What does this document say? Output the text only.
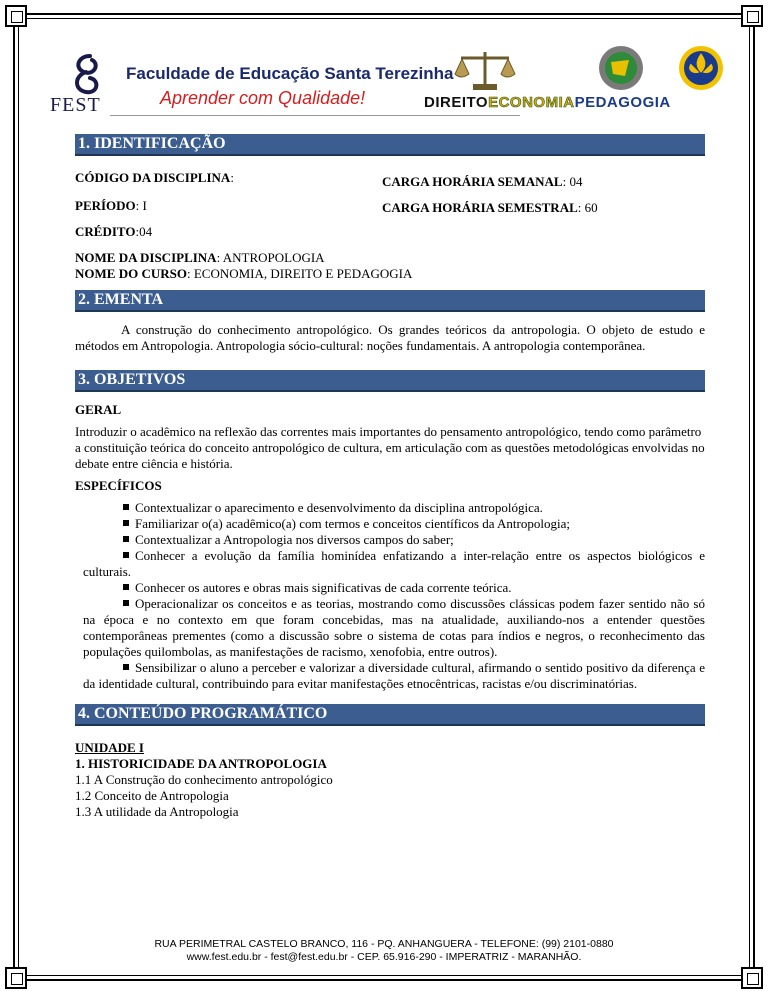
FEST
Faculdade de Educação Santa Terezinha
Aprender com Qualidade!	DIREITOECONOMIAPEDAGOGIA
1. IDENTIFICAÇÃO
CÓDIGO DA DISCIPLINA:	CARGA HORÁRIA SEMANAL: 04
PERÍODO: I	CARGA HORÁRIA SEMESTRAL: 60
CRÉDITO : 04
NOME DA DISCIPLINA: ANTROPOLOGIA
NOME DO CURSO: ECONOMIA, DIREITO E PEDAGOGIA
2. EMENTA

A construção do conhecimento antropológico. Os grandes teóricos da antropologia. O objeto de estudo e métodos em Antropologia. Antropologia sócio-cultural: noções fundamentais. A antropologia contemporânea.

3. OBJETIVOS
GERAL

Introduzir o acadêmico na reflexão das correntes mais importantes do pensamento antropológico, tendo como parâmetro a constituição teórica do conceito antropológico de cultura, em articulação com as questões metodológicas envolvidas no debate entre ciência e história.

ESPECÍFICOS
Contextualizar o aparecimento e desenvolvimento da disciplina antropológica.
Familiarizar o(a) acadêmico(a) com termos e conceitos científicos da Antropologia;
Contextualizar a Antropologia nos diversos campos do saber;
Conhecer a evolução da família hominídea enfatizando a inter-relação entre os aspectos biológicos e culturais.
Conhecer os autores e obras mais significativas de cada corrente teórica.
Operacionalizar os conceitos e as teorias, mostrando como discussões clássicas podem fazer sentido não só na época e no contexto em que foram concebidas, mas na atualidade, auxiliando-nos a entender questões contemporâneas prementes (como a discussão sobre o sistema de cotas para índios e negros, o reconhecimento das populações quilombolas, as manifestações de racismo, xenofobia, entre outros).
Sensibilizar o aluno a perceber e valorizar a diversidade cultural, afirmando o sentido positivo da diferença e da identidade cultural, contribuindo para evitar manifestações etnocêntricas, racistas e/ou discriminatórias.
4. CONTEÚDO PROGRAMÁTICO
UNIDADE I
1. HISTORICIDADE DA ANTROPOLOGIA
1.1 A Construção do conhecimento antropológico
1.2 Conceito de Antropologia
1.3 A utilidade da Antropologia
RUA PERIMETRAL CASTELO BRANCO, 116 - PQ. ANHANGUERA - TELEFONE: (99) 2101-0880
www.fest.edu.br - fest@fest.edu.br - CEP. 65.916-290 - IMPERATRIZ - MARANHÃO.
